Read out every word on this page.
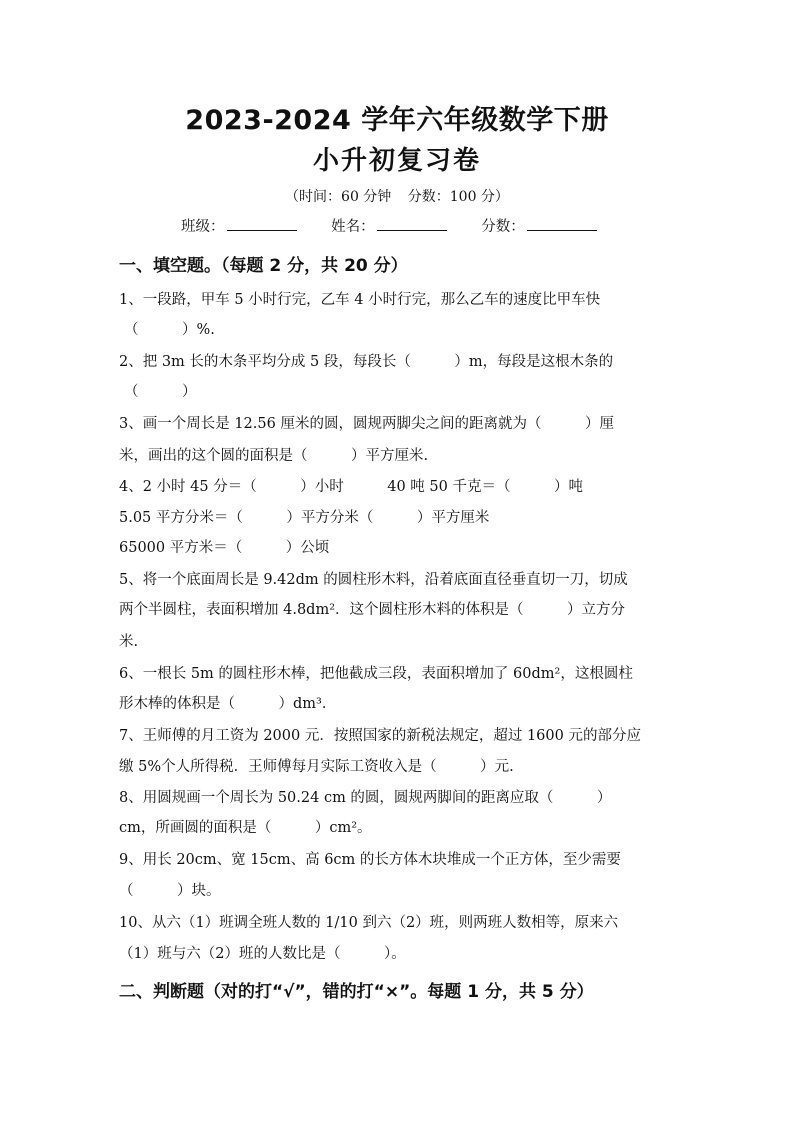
2023-2024 学年六年级数学下册
小升初复习卷
（时间：60 分钟 分数：100 分）
班级：	姓名：	分数：
一、填空题。（每题 2 分，共 20 分）
1、一段路，甲车 5 小时行完，乙车 4 小时行完，那么乙车的速度比甲车快
（　　　）%.
2、把 3m 长的木条平均分成 5 段，每段长（　　　）m，每段是这根木条的
（　　　）
3、画一个周长是 12.56 厘米的圆，圆规两脚尖之间的距离就为（　　　）厘
米，画出的这个圆的面积是（　　　）平方厘米.
4、2 小时 45 分＝（　　　）小时　　　40 吨 50 千克＝（　　　）吨
5.05 平方分米＝（　　　）平方分米（　　　）平方厘米
65000 平方米＝（　　　）公顷
5、将一个底面周长是 9.42dm 的圆柱形木料，沿着底面直径垂直切一刀，切成
两个半圆柱，表面积增加 4.8dm²．这个圆柱形木料的体积是（　　　）立方分
米.
6、一根长 5m 的圆柱形木棒，把他截成三段，表面积增加了 60dm²，这根圆柱
形木棒的体积是（　　　）dm³．
7、王师傅的月工资为 2000 元．按照国家的新税法规定，超过 1600 元的部分应
缴 5%个人所得税．王师傅每月实际工资收入是（　　　）元.
8、用圆规画一个周长为 50.24 cm 的圆，圆规两脚间的距离应取（　　　）
cm，所画圆的面积是（　　　）cm²。
9、用长 20cm、宽 15cm、高 6cm 的长方体木块堆成一个正方体，至少需要
（　　　）块。
10、从六（1）班调全班人数的 1/10 到六（2）班，则两班人数相等，原来六
（1）班与六（2）班的人数比是（　　　）。
二、判断题（对的打“√”，错的打“×”。每题 1 分，共 5 分）
